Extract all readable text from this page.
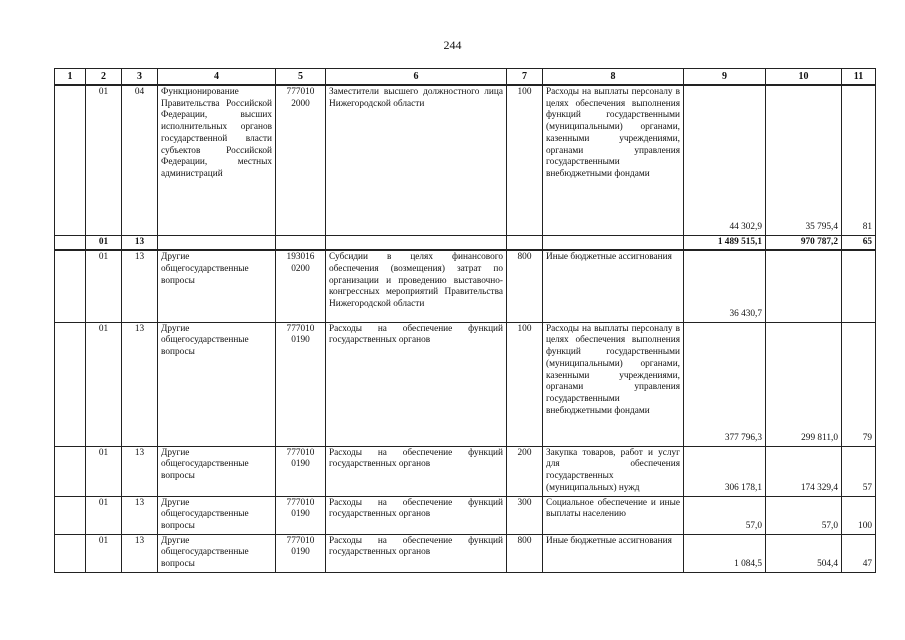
244
1	2	3	4	5	6	7	8	9	10	11
	01	04	Функционирование Правительства Российской Федерации, высших исполнительных органов государственной власти субъектов Российской Федерации, местных администраций	777010 2000	Заместители высшего должностного лица Нижегородской области	100	Расходы на выплаты персоналу в целях обеспечения выполнения функций государственными (муниципальными) органами, казенными учреждениями, органами управления государственными внебюджетными фондами	44 302,9	35 795,4	81
	01	13						1 489 515,1	970 787,2	65
	01	13	Другие общегосударственные вопросы	193016 0200	Субсидии в целях финансового обеспечения (возмещения) затрат по организации и проведению выставочно-конгрессных мероприятий Правительства Нижегородской области	800	Иные бюджетные ассигнования	36 430,7		
	01	13	Другие общегосударственные вопросы	777010 0190	Расходы на обеспечение функций государственных органов	100	Расходы на выплаты персоналу в целях обеспечения выполнения функций государственными (муниципальными) органами, казенными учреждениями, органами управления государственными внебюджетными фондами	377 796,3	299 811,0	79
	01	13	Другие общегосударственные вопросы	777010 0190	Расходы на обеспечение функций государственных органов	200	Закупка товаров, работ и услуг для обеспечения государственных (муниципальных) нужд	306 178,1	174 329,4	57
	01	13	Другие общегосударственные вопросы	777010 0190	Расходы на обеспечение функций государственных органов	300	Социальное обеспечение и иные выплаты населению	57,0	57,0	100
	01	13	Другие общегосударственные вопросы	777010 0190	Расходы на обеспечение функций государственных органов	800	Иные бюджетные ассигнования	1 084,5	504,4	47
